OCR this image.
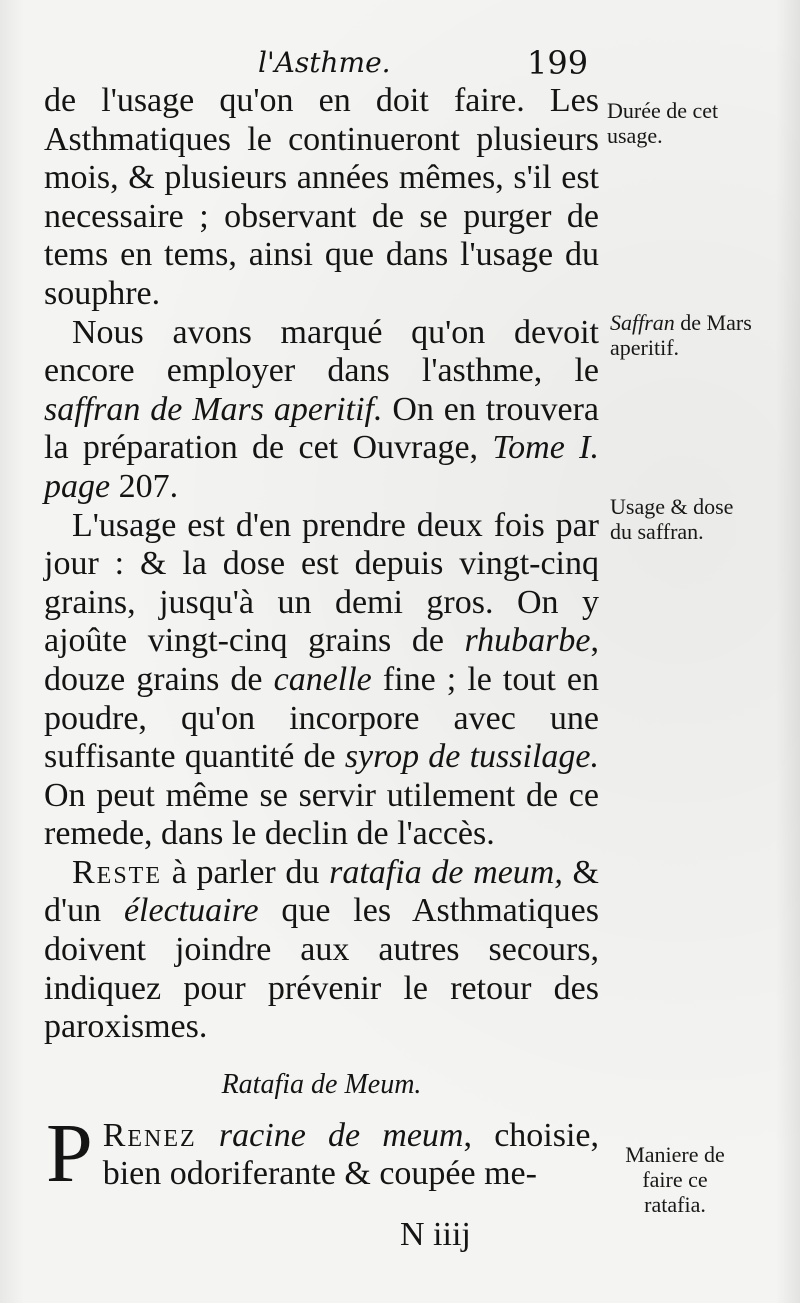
l'Asthme.	199

de l'usage qu'on en doit faire. Les Asthmatiques le continueront plusieurs mois, & plusieurs années mêmes, s'il est necessaire ; observant de se purger de tems en tems, ainsi que dans l'usage du souphre.

Nous avons marqué qu'on devoit encore employer dans l'asthme, le saffran de Mars aperitif. On en trouvera la préparation de cet Ouvrage, Tome I. page 207.

L'usage est d'en prendre deux fois par jour : & la dose est depuis vingt-cinq grains, jusqu'à un demi gros. On y ajoûte vingt-cinq grains de rhubarbe, douze grains de canelle fine ; le tout en poudre, qu'on incorpore avec une suffisante quantité de syrop de tussilage. On peut même se servir utilement de ce remede, dans le declin de l'accès.

Reste à parler du ratafia de meum, & d'un électuaire que les Asthmatiques doivent joindre aux autres secours, indiquez pour prévenir le retour des paroxismes.

Ratafia de Meum.

P Renez racine de meum, choisie, bien odoriferante & coupée me-

N iiij
Durée de cet usage.
Saffran de Mars aperitif.
Usage & dose du saffran.
Maniere de faire ce ratafia.
